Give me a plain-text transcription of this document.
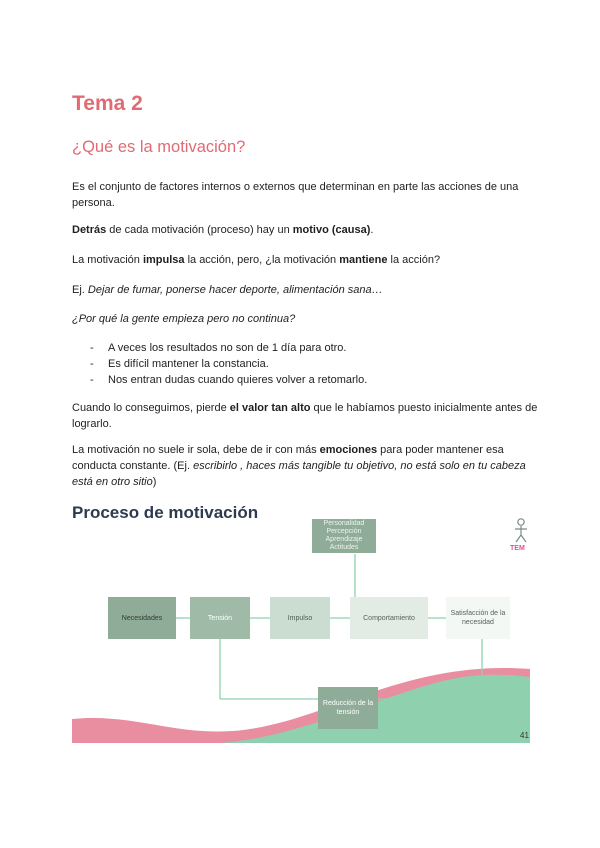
Tema 2
¿Qué es la motivación?
Es el conjunto de factores internos o externos que determinan en parte las acciones de una persona.
Detrás de cada motivación (proceso) hay un motivo (causa).
La motivación impulsa la acción, pero, ¿la motivación mantiene la acción?
Ej. Dejar de fumar, ponerse hacer deporte, alimentación sana…
¿Por qué la gente empieza pero no continua?
- A veces los resultados no son de 1 día para otro.
- Es difícil mantener la constancia.
- Nos entran dudas cuando quieres volver a retomarlo.
Cuando lo conseguimos, pierde el valor tan alto que le habíamos puesto inicialmente antes de lograrlo.
La motivación no suele ir sola, debe de ir con más emociones para poder mantener esa conducta constante. (Ej. escribirlo , haces más tangible tu objetivo, no está solo en tu cabeza está en otro sitio)
Proceso de motivación
Personalidad
Percepción
Aprendizaje
Actitudes
Necesidades	Tensión	Impulso	Comportamiento
Satisfacción de la necesidad
Reducción de la tensión
TEM
41
